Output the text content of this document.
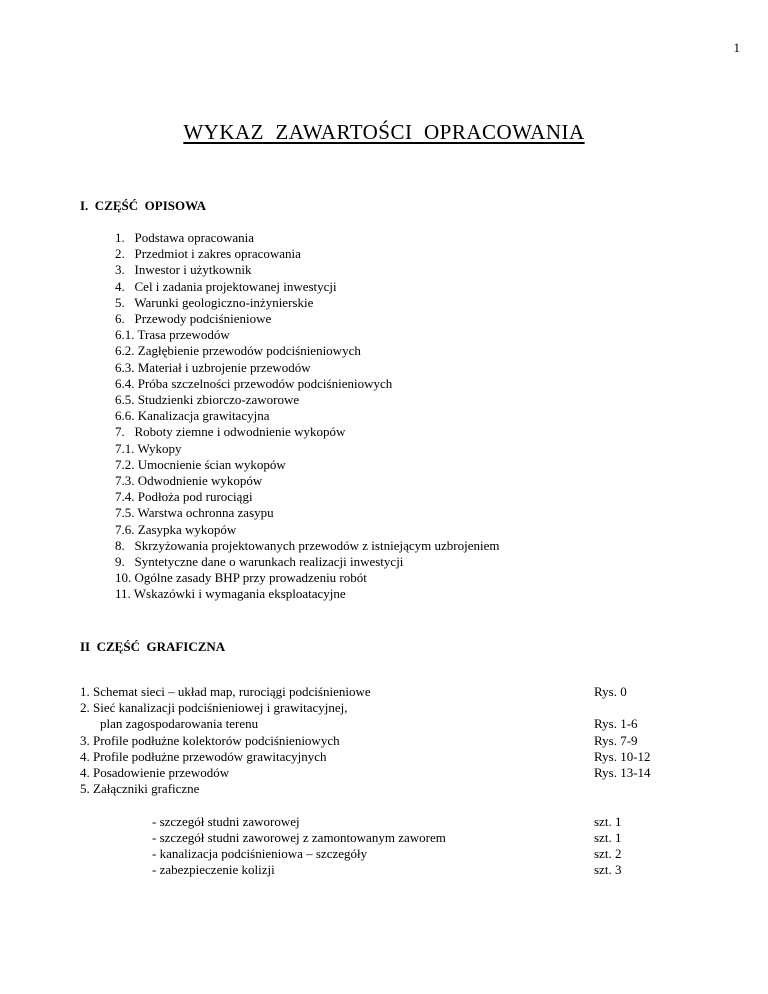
1
WYKAZ  ZAWARTOŚCI  OPRACOWANIA
I.  CZĘŚĆ  OPISOWA
1.   Podstawa opracowania
2.   Przedmiot i zakres opracowania
3.   Inwestor i użytkownik
4.   Cel i zadania projektowanej inwestycji
5.   Warunki geologiczno-inżynierskie
6.   Przewody podciśnieniowe
6.1. Trasa przewodów
6.2. Zagłębienie przewodów podciśnieniowych
6.3. Materiał i uzbrojenie przewodów
6.4. Próba szczelności przewodów podciśnieniowych
6.5. Studzienki zbiorczo-zaworowe
6.6. Kanalizacja grawitacyjna
7.   Roboty ziemne i odwodnienie wykopów
7.1. Wykopy
7.2. Umocnienie ścian wykopów
7.3. Odwodnienie wykopów
7.4. Podłoża pod rurociągi
7.5. Warstwa ochronna zasypu
7.6. Zasypka wykopów
8.   Skrzyżowania projektowanych przewodów z istniejącym uzbrojeniem
9.   Syntetyczne dane o warunkach realizacji inwestycji
10. Ogólne zasady BHP przy prowadzeniu robót
11. Wskazówki i wymagania eksploatacyjne
II  CZĘŚĆ  GRAFICZNA
1. Schemat sieci – układ map, rurociągi podciśnieniowe	Rys. 0
2. Sieć kanalizacji podciśnieniowej i grawitacyjnej,
plan zagospodarowania terenu	Rys. 1-6
3. Profile podłużne kolektorów podciśnieniowych	Rys. 7-9
4. Profile podłużne przewodów grawitacyjnych	Rys. 10-12
4. Posadowienie przewodów	Rys. 13-14
5. Załączniki graficzne
- szczegół studni zaworowej	szt. 1
- szczegół studni zaworowej z zamontowanym zaworem	szt. 1
- kanalizacja podciśnieniowa – szczegóły	szt. 2
- zabezpieczenie kolizji	szt. 3
